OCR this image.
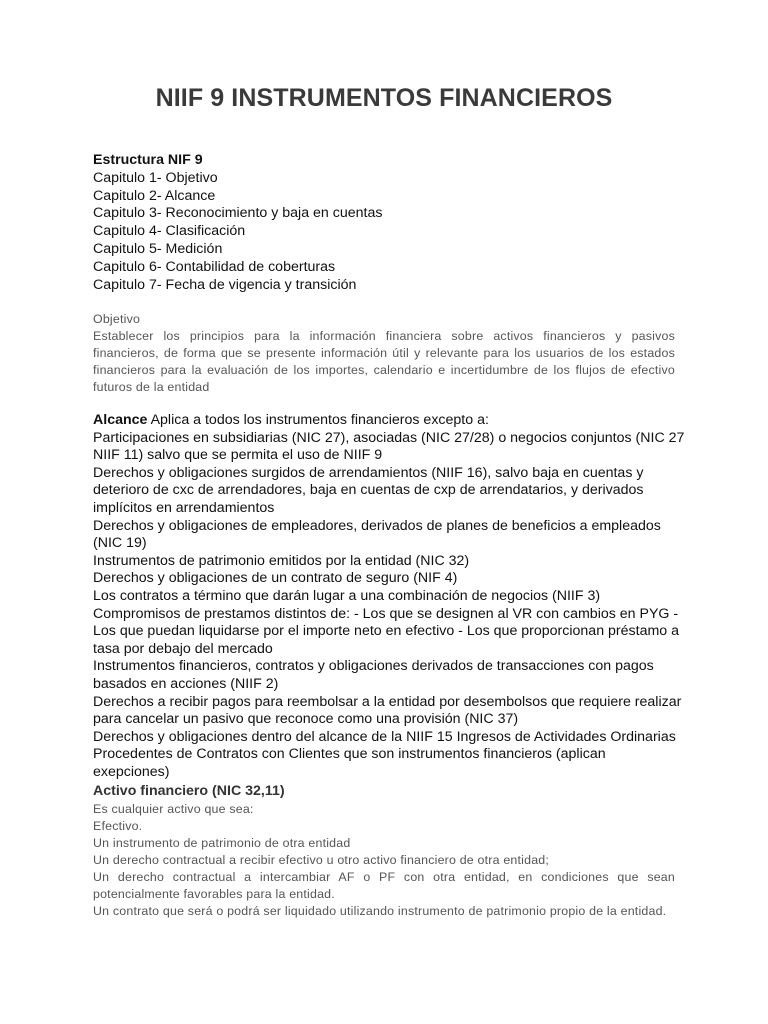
NIIF 9 INSTRUMENTOS FINANCIEROS
Estructura NIF 9
Capitulo 1- Objetivo
Capitulo 2- Alcance
Capitulo 3- Reconocimiento y baja en cuentas
Capitulo 4- Clasificación
Capitulo 5- Medición
Capitulo 6- Contabilidad de coberturas
Capitulo 7- Fecha de vigencia y transición
Objetivo
Establecer los principios para la información financiera sobre activos financieros y pasivos financieros, de forma que se presente información útil y relevante para los usuarios de los estados financieros para la evaluación de los importes, calendario e incertidumbre de los flujos de efectivo futuros de la entidad
Alcance Aplica a todos los instrumentos financieros excepto a:
Participaciones en subsidiarias (NIC 27), asociadas (NIC 27/28) o negocios conjuntos (NIC 27 NIIF 11) salvo que se permita el uso de NIIF 9
Derechos y obligaciones surgidos de arrendamientos (NIIF 16), salvo baja en cuentas y deterioro de cxc de arrendadores, baja en cuentas de cxp de arrendatarios, y derivados implícitos en arrendamientos
Derechos y obligaciones de empleadores, derivados de planes de beneficios a empleados (NIC 19)
Instrumentos de patrimonio emitidos por la entidad (NIC 32)
Derechos y obligaciones de un contrato de seguro (NIF 4)
Los contratos a término que darán lugar a una combinación de negocios (NIIF 3)
Compromisos de prestamos distintos de: - Los que se designen al VR con cambios en PYG - Los que puedan liquidarse por el importe neto en efectivo - Los que proporcionan préstamo a tasa por debajo del mercado
Instrumentos financieros, contratos y obligaciones derivados de transacciones con pagos basados en acciones (NIIF 2)
Derechos a recibir pagos para reembolsar a la entidad por desembolsos que requiere realizar para cancelar un pasivo que reconoce como una provisión (NIC 37)
Derechos y obligaciones dentro del alcance de la NIIF 15 Ingresos de Actividades Ordinarias Procedentes de Contratos con Clientes que son instrumentos financieros (aplican exepciones)
Activo financiero (NIC 32,11)
Es cualquier activo que sea:
Efectivo.
Un instrumento de patrimonio de otra entidad
Un derecho contractual a recibir efectivo u otro activo financiero de otra entidad;
Un derecho contractual a intercambiar AF o PF con otra entidad, en condiciones que sean potencialmente favorables para la entidad.
Un contrato que será o podrá ser liquidado utilizando instrumento de patrimonio propio de la entidad.
